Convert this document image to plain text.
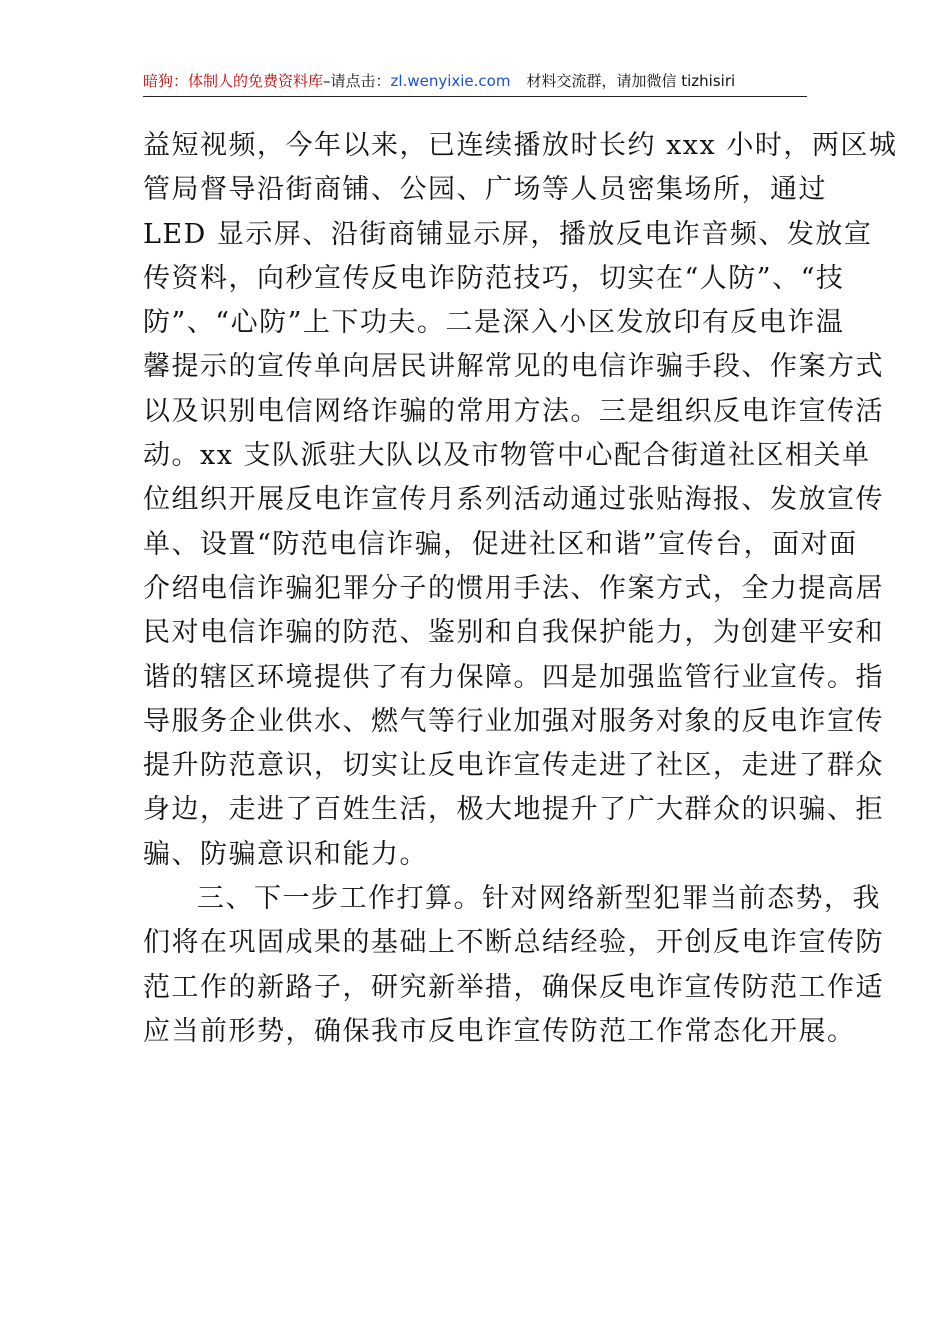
暗狗：体制人的免费资料库–请点击：zl.wenyixie.com 材料交流群，请加微信 tizhisiri
益短视频，今年以来，已连续播放时长约 xxx 小时，两区城
管局督导沿街商铺、公园、广场等人员密集场所，通过
LED 显示屏、沿街商铺显示屏，播放反电诈音频、发放宣
传资料，向秒宣传反电诈防范技巧，切实在“人防”、“技
防”、“心防”上下功夫。二是深入小区发放印有反电诈温
馨提示的宣传单向居民讲解常见的电信诈骗手段、作案方式
以及识别电信网络诈骗的常用方法。三是组织反电诈宣传活
动。xx 支队派驻大队以及市物管中心配合街道社区相关单
位组织开展反电诈宣传月系列活动通过张贴海报、发放宣传
单、设置“防范电信诈骗，促进社区和谐”宣传台，面对面
介绍电信诈骗犯罪分子的惯用手法、作案方式，全力提高居
民对电信诈骗的防范、鉴别和自我保护能力，为创建平安和
谐的辖区环境提供了有力保障。四是加强监管行业宣传。指
导服务企业供水、燃气等行业加强对服务对象的反电诈宣传
提升防范意识，切实让反电诈宣传走进了社区，走进了群众
身边，走进了百姓生活，极大地提升了广大群众的识骗、拒
骗、防骗意识和能力。
三、下一步工作打算。针对网络新型犯罪当前态势，我
们将在巩固成果的基础上不断总结经验，开创反电诈宣传防
范工作的新路子，研究新举措，确保反电诈宣传防范工作适
应当前形势，确保我市反电诈宣传防范工作常态化开展。
